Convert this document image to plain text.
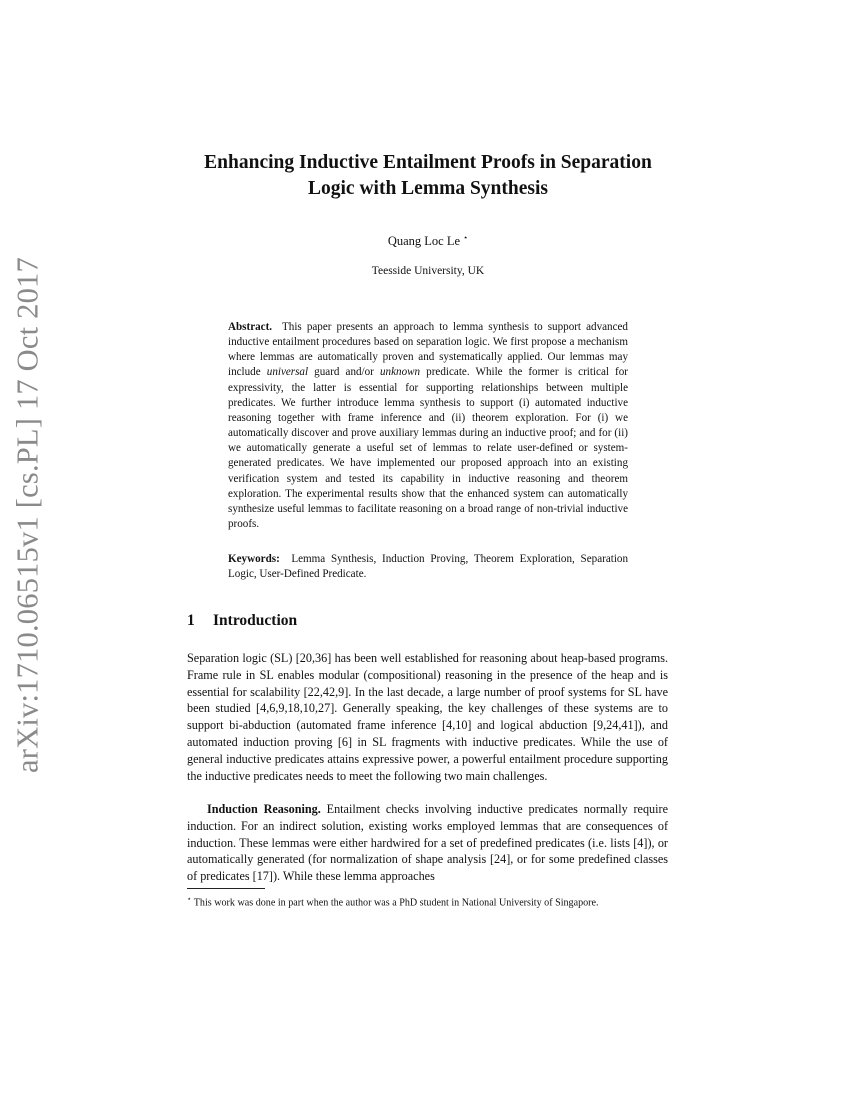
arXiv:1710.06515v1 [cs.PL] 17 Oct 2017
Enhancing Inductive Entailment Proofs in Separation
Logic with Lemma Synthesis
Quang Loc Le ⋆
Teesside University, UK

Abstract. This paper presents an approach to lemma synthesis to support advanced inductive entailment procedures based on separation logic. We first propose a mechanism where lemmas are automatically proven and systematically applied. Our lemmas may include universal guard and/or unknown predicate. While the former is critical for expressivity, the latter is essential for supporting relationships between multiple predicates. We further introduce lemma synthesis to support (i) automated inductive reasoning together with frame inference and (ii) theorem exploration. For (i) we automatically discover and prove auxiliary lemmas during an inductive proof; and for (ii) we automatically generate a useful set of lemmas to relate user-defined or system-generated predicates. We have implemented our proposed approach into an existing verification system and tested its capability in inductive reasoning and theorem exploration. The experimental results show that the enhanced system can automatically synthesize useful lemmas to facilitate reasoning on a broad range of non-trivial inductive proofs.

Keywords: Lemma Synthesis, Induction Proving, Theorem Exploration, Separation Logic, User-Defined Predicate.

1 Introduction

Separation logic (SL) [20,36] has been well established for reasoning about heap-based programs. Frame rule in SL enables modular (compositional) reasoning in the presence of the heap and is essential for scalability [22,42,9]. In the last decade, a large number of proof systems for SL have been studied [4,6,9,18,10,27]. Generally speaking, the key challenges of these systems are to support bi-abduction (automated frame inference [4,10] and logical abduction [9,24,41]), and automated induction proving [6] in SL fragments with inductive predicates. While the use of general inductive predicates attains expressive power, a powerful entailment procedure supporting the inductive predicates needs to meet the following two main challenges.

Induction Reasoning. Entailment checks involving inductive predicates normally require induction. For an indirect solution, existing works employed lemmas that are consequences of induction. These lemmas were either hardwired for a set of predefined predicates (i.e. lists [4]), or automatically generated (for normalization of shape analysis [24], or for some predefined classes of predicates [17]). While these lemma approaches

⋆ This work was done in part when the author was a PhD student in National University of Singapore.
